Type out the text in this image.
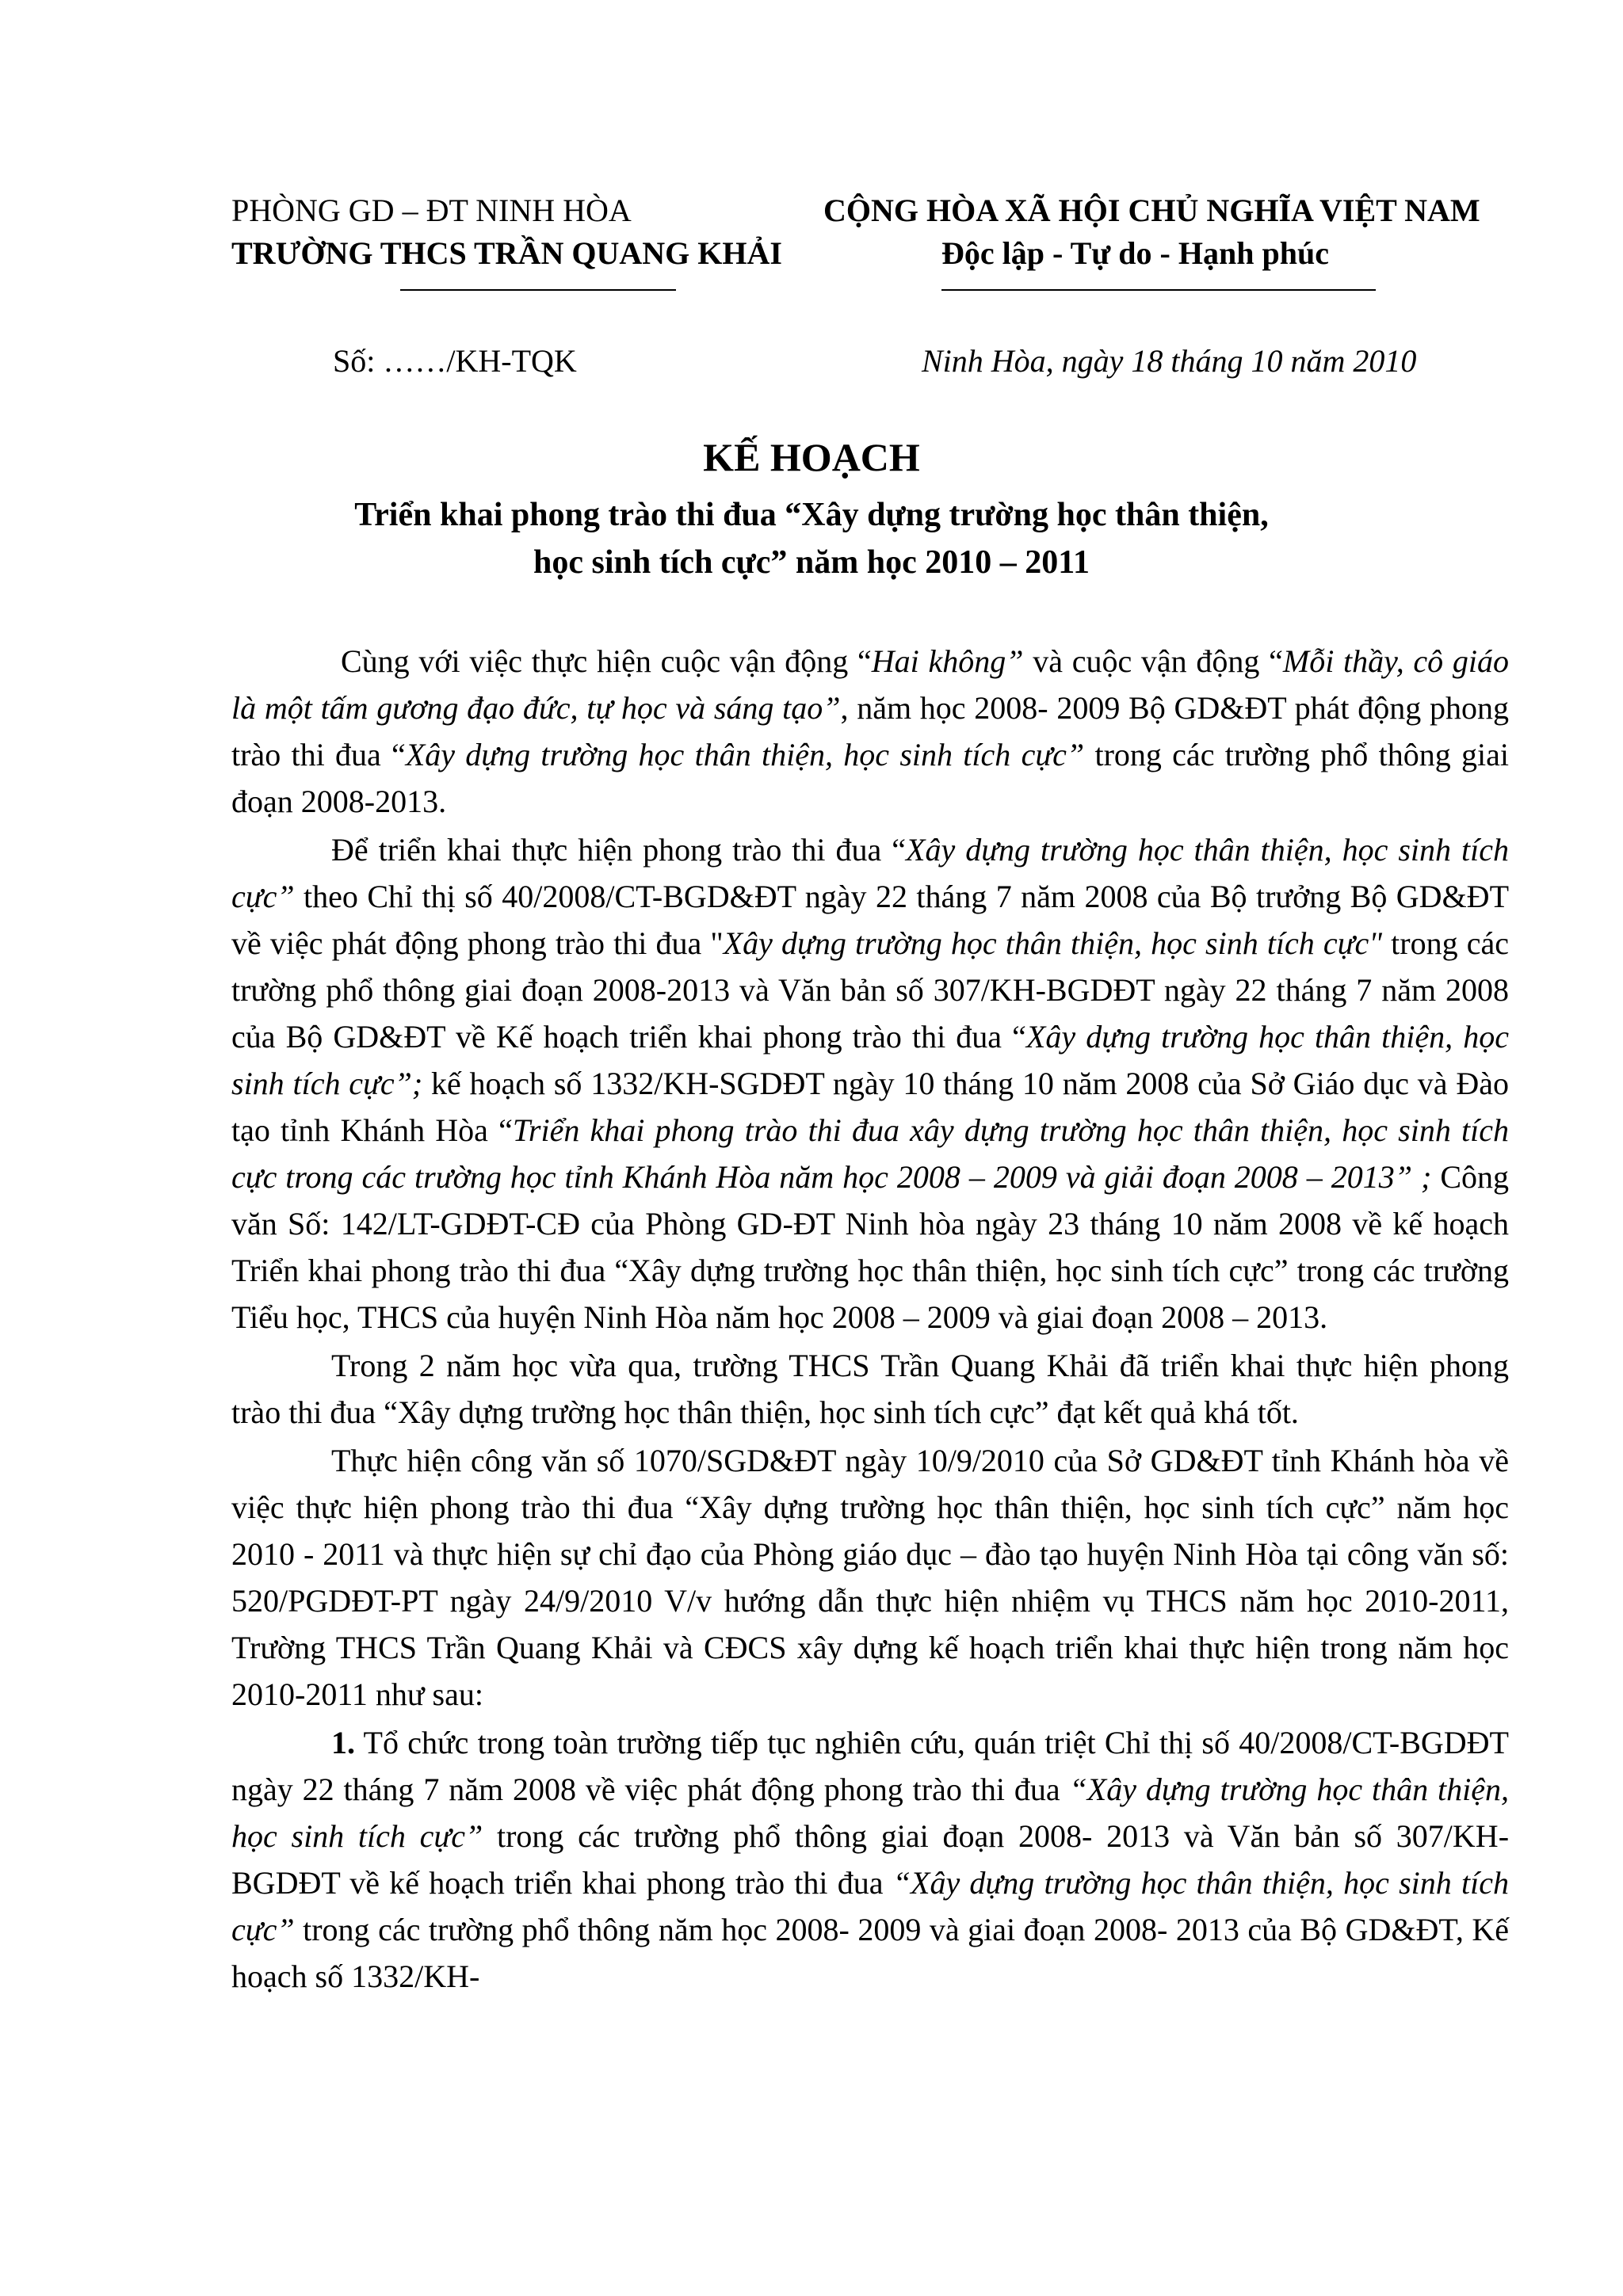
PHÒNG GD – ĐT NINH HÒA
TRƯỜNG THCS TRẦN QUANG KHẢI
CỘNG HÒA XÃ HỘI CHỦ NGHĨA VIỆT NAM
Độc lập - Tự do - Hạnh phúc
Số: ……/KH-TQK	Ninh Hòa, ngày 18 tháng 10 năm 2010
KẾ HOẠCH
Triển khai phong trào thi đua “Xây dựng trường học thân thiện,
học sinh tích cực” năm học 2010 – 2011

Cùng với việc thực hiện cuộc vận động “Hai không” và cuộc vận động “Mỗi thầy, cô giáo là một tấm gương đạo đức, tự học và sáng tạo”, năm học 2008- 2009 Bộ GD&ĐT phát động phong trào thi đua “Xây dựng trường học thân thiện, học sinh tích cực” trong các trường phổ thông giai đoạn 2008-2013.

Để triển khai thực hiện phong trào thi đua “Xây dựng trường học thân thiện, học sinh tích cực” theo Chỉ thị số 40/2008/CT-BGD&ĐT ngày 22 tháng 7 năm 2008 của Bộ trưởng Bộ GD&ĐT về việc phát động phong trào thi đua "Xây dựng trường học thân thiện, học sinh tích cực" trong các trường phổ thông giai đoạn 2008-2013 và Văn bản số 307/KH-BGDĐT ngày 22 tháng 7 năm 2008 của Bộ GD&ĐT về Kế hoạch triển khai phong trào thi đua “Xây dựng trường học thân thiện, học sinh tích cực”; kế hoạch số 1332/KH-SGDĐT ngày 10 tháng 10 năm 2008 của Sở Giáo dục và Đào tạo tỉnh Khánh Hòa “Triển khai phong trào thi đua xây dựng trường học thân thiện, học sinh tích cực trong các trường học tỉnh Khánh Hòa năm học 2008 – 2009 và giải đoạn 2008 – 2013” ; Công văn Số: 142/LT-GDĐT-CĐ của Phòng GD-ĐT Ninh hòa ngày 23 tháng 10 năm 2008 về kế hoạch Triển khai phong trào thi đua “Xây dựng trường học thân thiện, học sinh tích cực” trong các trường Tiểu học, THCS của huyện Ninh Hòa năm học 2008 – 2009 và giai đoạn 2008 – 2013.

Trong 2 năm học vừa qua, trường THCS Trần Quang Khải đã triển khai thực hiện phong trào thi đua “Xây dựng trường học thân thiện, học sinh tích cực” đạt kết quả khá tốt.

Thực hiện công văn số 1070/SGD&ĐT ngày 10/9/2010 của Sở GD&ĐT tỉnh Khánh hòa về việc thực hiện phong trào thi đua “Xây dựng trường học thân thiện, học sinh tích cực” năm học 2010 - 2011 và thực hiện sự chỉ đạo của Phòng giáo dục – đào tạo huyện Ninh Hòa tại công văn số: 520/PGDĐT-PT ngày 24/9/2010 V/v hướng dẫn thực hiện nhiệm vụ THCS năm học 2010-2011, Trường THCS Trần Quang Khải và CĐCS xây dựng kế hoạch triển khai thực hiện trong năm học 2010-2011 như sau:

1. Tổ chức trong toàn trường tiếp tục nghiên cứu, quán triệt Chỉ thị số 40/2008/CT-BGDĐT ngày 22 tháng 7 năm 2008 về việc phát động phong trào thi đua “Xây dựng trường học thân thiện, học sinh tích cực” trong các trường phổ thông giai đoạn 2008- 2013 và Văn bản số 307/KH-BGDĐT về kế hoạch triển khai phong trào thi đua “Xây dựng trường học thân thiện, học sinh tích cực” trong các trường phổ thông năm học 2008- 2009 và giai đoạn 2008- 2013 của Bộ GD&ĐT, Kế hoạch số 1332/KH-
